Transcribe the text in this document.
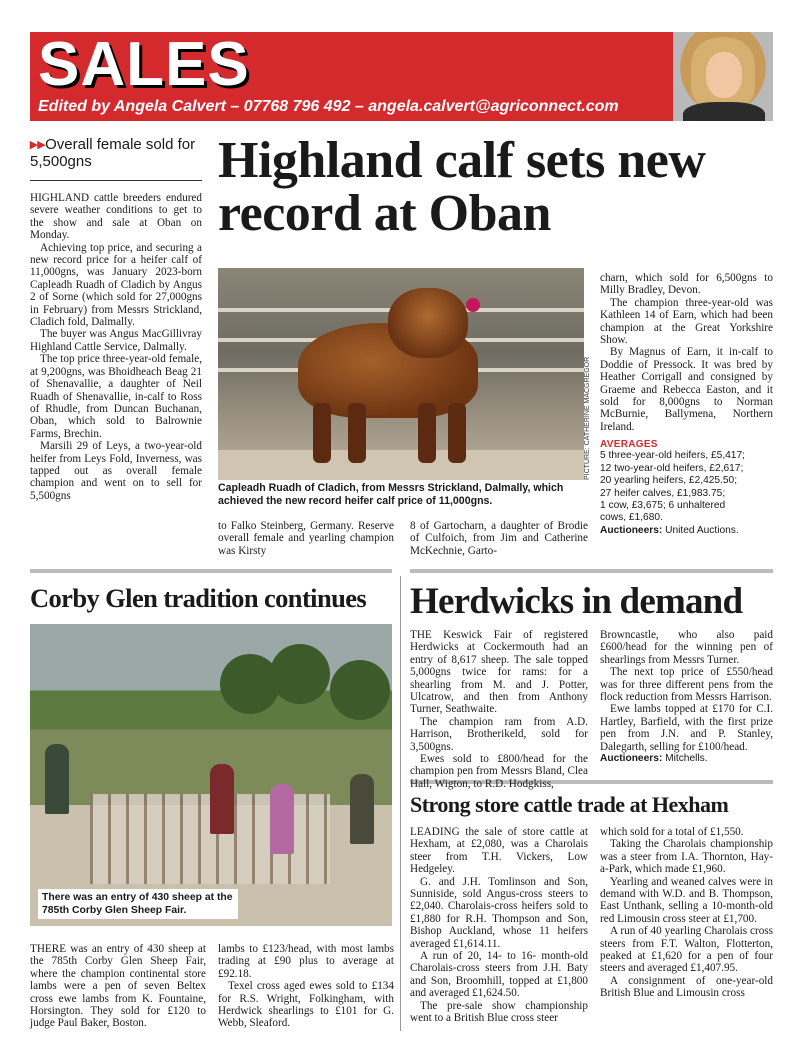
SALES
Edited by Angela Calvert – 07768 796 492 – angela.calvert@agriconnect.com
▸▸Overall female sold for 5,500gns

HIGHLAND cattle breeders endured severe weather conditions to get to the show and sale at Oban on Monday.

Achieving top price, and securing a new record price for a heifer calf of 11,000gns, was January 2023-born Capleadh Ruadh of Cladich by Angus 2 of Sorne (which sold for 27,000gns in February) from Messrs Strickland, Cladich fold, Dalmally.

The buyer was Angus MacGillivray Highland Cattle Service, Dalmally.

The top price three-year-old female, at 9,200gns, was Bhoidheach Beag 21 of Shenavallie, a daughter of Neil Ruadh of Shenavallie, in-calf to Ross of Rhudle, from Duncan Buchanan, Oban, which sold to Balrownie Farms, Brechin.

Marsili 29 of Leys, a two-year-old heifer from Leys Fold, Inverness, was tapped out as overall female champion and went on to sell for 5,500gns

Highland calf sets new record at Oban
PICTURE: CATHERINE MACGREGOR
Capleadh Ruadh of Cladich, from Messrs Strickland, Dalmally, which achieved the new record heifer calf price of 11,000gns.

to Falko Steinberg, Germany. Reserve overall female and yearling champion was Kirsty

8 of Gartocharn, a daughter of Brodie of Culfoich, from Jim and Catherine McKechnie, Garto-

charn, which sold for 6,500gns to Milly Bradley, Devon.

The champion three-year-old was Kathleen 14 of Earn, which had been champion at the Great Yorkshire Show.

By Magnus of Earn, it in-calf to Doddie of Pressock. It was bred by Heather Corrigall and consigned by Graeme and Rebecca Easton, and it sold for 8,000gns to Norman McBurnie, Ballymena, Northern Ireland.

AVERAGES
5 three-year-old heifers, £5,417;
12 two-year-old heifers, £2,617;
20 yearling heifers, £2,425.50;
27 heifer calves, £1,983.75;
1 cow, £3,675; 6 unhaltered
cows, £1,680.
Auctioneers: United Auctions.
Corby Glen tradition continues
There was an entry of 430 sheep at the 785th Corby Glen Sheep Fair.

THERE was an entry of 430 sheep at the 785th Corby Glen Sheep Fair, where the champion continental store lambs were a pen of seven Beltex cross ewe lambs from K. Fountaine, Horsington. They sold for £120 to judge Paul Baker, Boston.

lambs to £123/head, with most lambs trading at £90 plus to average at £92.18.

Texel cross aged ewes sold to £134 for R.S. Wright, Folkingham, with Herdwick shearlings to £101 for G. Webb, Sleaford.

Herdwicks in demand

THE Keswick Fair of registered Herdwicks at Cockermouth had an entry of 8,617 sheep. The sale topped 5,000gns twice for rams: for a shearling from M. and J. Potter, Ulcatrow, and then from Anthony Turner, Seathwaite.

The champion ram from A.D. Harrison, Brotherikeld, sold for 3,500gns.

Ewes sold to £800/head for the champion pen from Messrs Bland, Clea Hall, Wigton, to R.D. Hodgkiss,

Browncastle, who also paid £600/head for the winning pen of shearlings from Messrs Turner.

The next top price of £550/head was for three different pens from the flock reduction from Messrs Harrison.

Ewe lambs topped at £170 for C.I. Hartley, Barfield, with the first prize pen from J.N. and P. Stanley, Dalegarth, selling for £100/head.

Auctioneers: Mitchells.
Strong store cattle trade at Hexham

LEADING the sale of store cattle at Hexham, at £2,080, was a Charolais steer from T.H. Vickers, Low Hedgeley.

G. and J.H. Tomlinson and Son, Sunniside, sold Angus-cross steers to £2,040. Charolais-cross heifers sold to £1,880 for R.H. Thompson and Son, Bishop Auckland, whose 11 heifers averaged £1,614.11.

A run of 20, 14- to 16- month-old Charolais-cross steers from J.H. Baty and Son, Broomhill, topped at £1,800 and averaged £1,624.50.

The pre-sale show championship went to a British Blue cross steer

which sold for a total of £1,550.

Taking the Charolais championship was a steer from I.A. Thornton, Hay-a-Park, which made £1,960.

Yearling and weaned calves were in demand with W.D. and B. Thompson, East Unthank, selling a 10-month-old red Limousin cross steer at £1,700.

A run of 40 yearling Charolais cross steers from F.T. Walton, Flotterton, peaked at £1,620 for a pen of four steers and averaged £1,407.95.

A consignment of one-year-old British Blue and Limousin cross
